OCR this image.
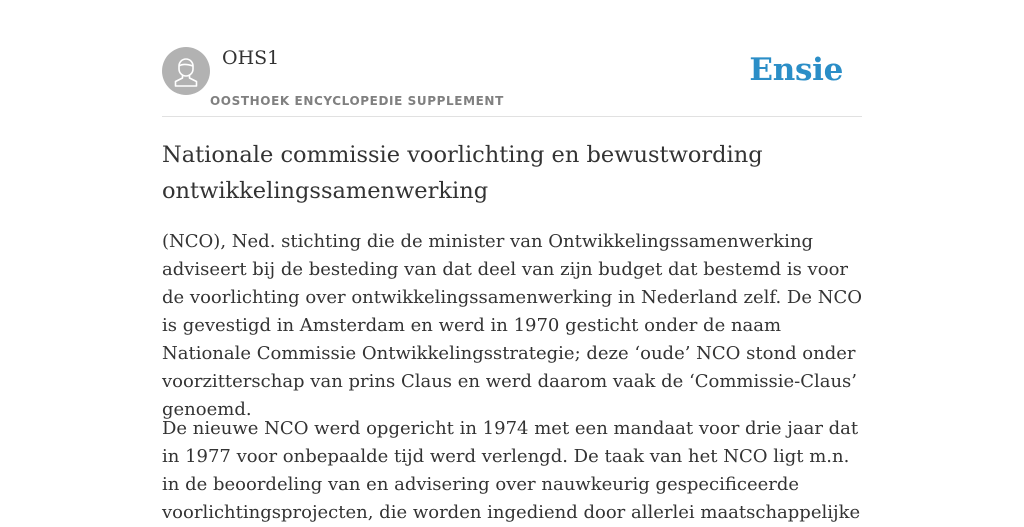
OHS1
OOSTHOEK ENCYCLOPEDIE SUPPLEMENT
Ensie
Nationale commissie voorlichting en bewustwording ontwikkelingssamenwerking

(NCO), Ned. stichting die de minister van Ontwikkelingssamenwerking adviseert bij de besteding van dat deel van zijn budget dat bestemd is voor de voorlichting over ontwikkelingssamenwerking in Nederland zelf. De NCO is gevestigd in Amsterdam en werd in 1970 gesticht onder de naam Nationale Commissie Ontwikkelingsstrategie; deze ‘oude’ NCO stond onder voorzitterschap van prins Claus en werd daarom vaak de ‘Commissie-Claus’ genoemd.

De nieuwe NCO werd opgericht in 1974 met een mandaat voor drie jaar dat in 1977 voor onbepaalde tijd werd verlengd. De taak van het NCO ligt m.n. in de beoordeling van en advisering over nauwkeurig gespecificeerde voorlichtingsprojecten, die worden ingediend door allerlei maatschappelijke
